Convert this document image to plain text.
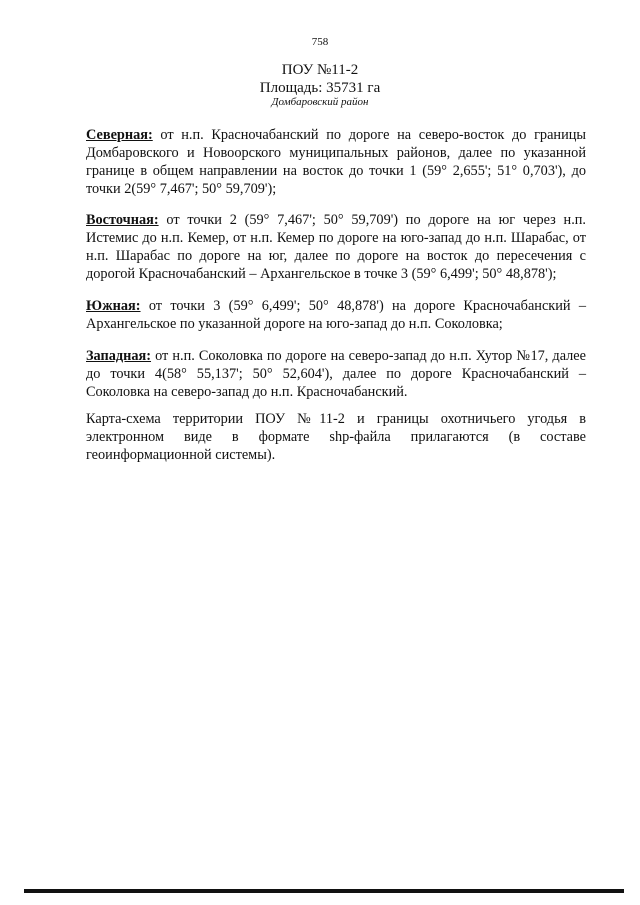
758
ПОУ №11-2
Площадь: 35731 га
Домбаровский район

Северная: от н.п. Красночабанский по дороге на северо-восток до границы Домбаровского и Новоорского муниципальных районов, далее по указанной границе в общем направлении на восток до точки 1 (59° 2,655'; 51° 0,703'), до точки 2(59° 7,467'; 50° 59,709');

Восточная: от точки 2 (59° 7,467'; 50° 59,709') по дороге на юг через н.п. Истемис до н.п. Кемер, от н.п. Кемер по дороге на юго-запад до н.п. Шарабас, от н.п. Шарабас по дороге на юг, далее по дороге на восток до пересечения с дорогой Красночабанский – Архангельское в точке 3 (59° 6,499'; 50° 48,878');

Южная: от точки 3 (59° 6,499'; 50° 48,878') на дороге Красночабанский – Архангельское по указанной дороге на юго-запад до н.п. Соколовка;

Западная: от н.п. Соколовка по дороге на северо-запад до н.п. Хутор №17, далее до точки 4(58° 55,137'; 50° 52,604'), далее по дороге Красночабанский – Соколовка на северо-запад до н.п. Красночабанский.

Карта-схема территории ПОУ №11-2 и границы охотничьего угодья в электронном виде в формате shp-файла прилагаются (в составе геоинформационной системы).
